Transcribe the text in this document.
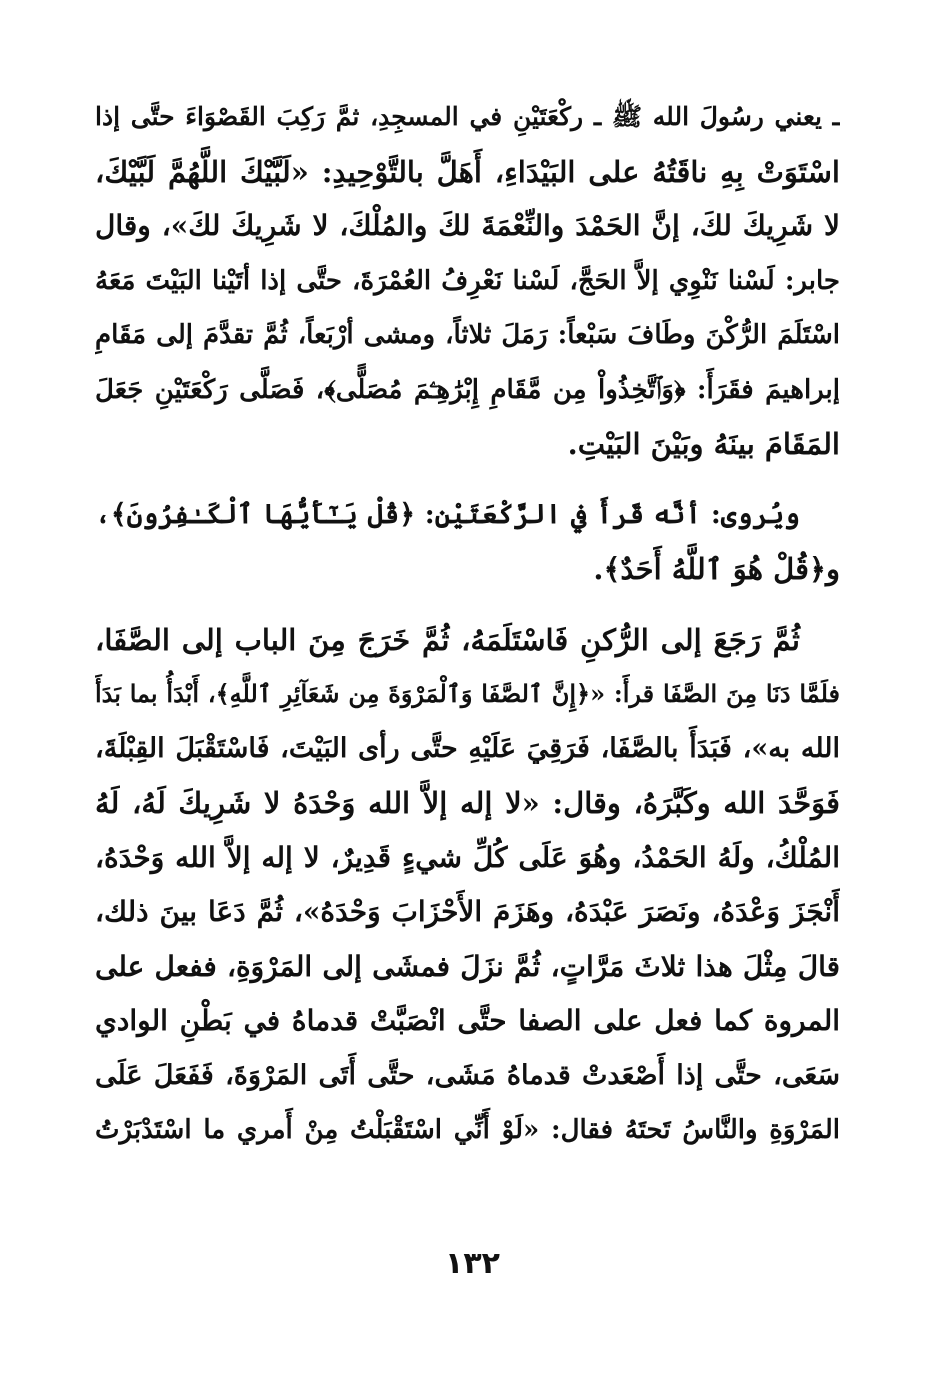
ـ يعني رسُولَ الله ﷺ ـ ركْعَتَيْنِ في المسجِدِ، ثمَّ رَكِبَ القَصْوَاءَ حتَّى إذا
اسْتَوَتْ بِهِ ناقَتُهُ على البَيْدَاءِ، أَهَلَّ بالتَّوْحِيدِ: «لَبَّيْكَ اللَّهُمَّ لَبَّيْكَ،
لا شَرِيكَ لكَ، إنَّ الحَمْدَ والنِّعْمَةَ لكَ والمُلْكَ، لا شَرِيكَ لكَ»، وقال
جابر: لَسْنا نَنْوِي إلاَّ الحَجَّ، لَسْنا نَعْرِفُ العُمْرَةَ، حتَّى إذا أتَيْنا البَيْتَ مَعَهُ
اسْتَلَمَ الرُّكْنَ وطَافَ سَبْعاً: رَمَلَ ثلاثاً، ومشى أرْبَعاً، ثُمَّ تقدَّمَ إلى مَقَامِ
إبراهيمَ فقَرَأَ: ﴿وَٱتَّخِذُواْ مِن مَّقَامِ إِبْرَٰهِـۧمَ مُصَلًّى﴾، فَصَلَّى رَكْعَتَيْنِ جَعَلَ
المَقَامَ بينَهُ وبَيْنَ البَيْتِ.
ويُروى: أنَّه قَرأَ في الرَّكْعَتَيْنِ: ﴿قُلْ يَـٰٓأَيُّهَا ٱلْكَـٰفِرُونَ﴾،
و﴿قُلْ هُوَ ٱللَّهُ أَحَدٌ﴾.
ثُمَّ رَجَعَ إلى الرُّكنِ فَاسْتَلَمَهُ، ثُمَّ خَرَجَ مِنَ الباب إلى الصَّفَا،
فلَمَّا دَنَا مِنَ الصَّفَا قرأَ: «﴿إِنَّ ٱلصَّفَا وَٱلْمَرْوَةَ مِن شَعَآئِرِ ٱللَّهِ﴾، أَبْدَأُ بما بَدَأَ
الله به»، فَبَدَأَ بالصَّفَا، فَرَقِيَ عَلَيْهِ حتَّى رأى البَيْتَ، فَاسْتَقْبَلَ القِبْلَةَ،
فَوَحَّدَ الله وكَبَّرَهُ، وقال: «لا إله إلاَّ الله وَحْدَهُ لا شَرِيكَ لَهُ، لَهُ
المُلْكُ، ولَهُ الحَمْدُ، وهُوَ عَلَى كُلِّ شيءٍ قَدِيرٌ، لا إله إلاَّ الله وَحْدَهُ،
أَنْجَزَ وَعْدَهُ، ونَصَرَ عَبْدَهُ، وهَزَمَ الأَحْزَابَ وَحْدَهُ»، ثُمَّ دَعَا بينَ ذلك،
قالَ مِثْلَ هذا ثلاثَ مَرَّاتٍ، ثُمَّ نزَلَ فمشَى إلى المَرْوَةِ، ففعل على
المروة كما فعل على الصفا حتَّى انْصَبَّتْ قدماهُ في بَطْنِ الوادي
سَعَى، حتَّى إذا أَصْعَدتْ قدماهُ مَشَى، حتَّى أَتَى المَرْوَةَ، فَفَعَلَ عَلَى
المَرْوَةِ والنَّاسُ تَحتَهُ فقال: «لَوْ أَنِّي اسْتَقْبَلْتُ مِنْ أَمري ما اسْتَدْبَرْتُ
١٣٢
